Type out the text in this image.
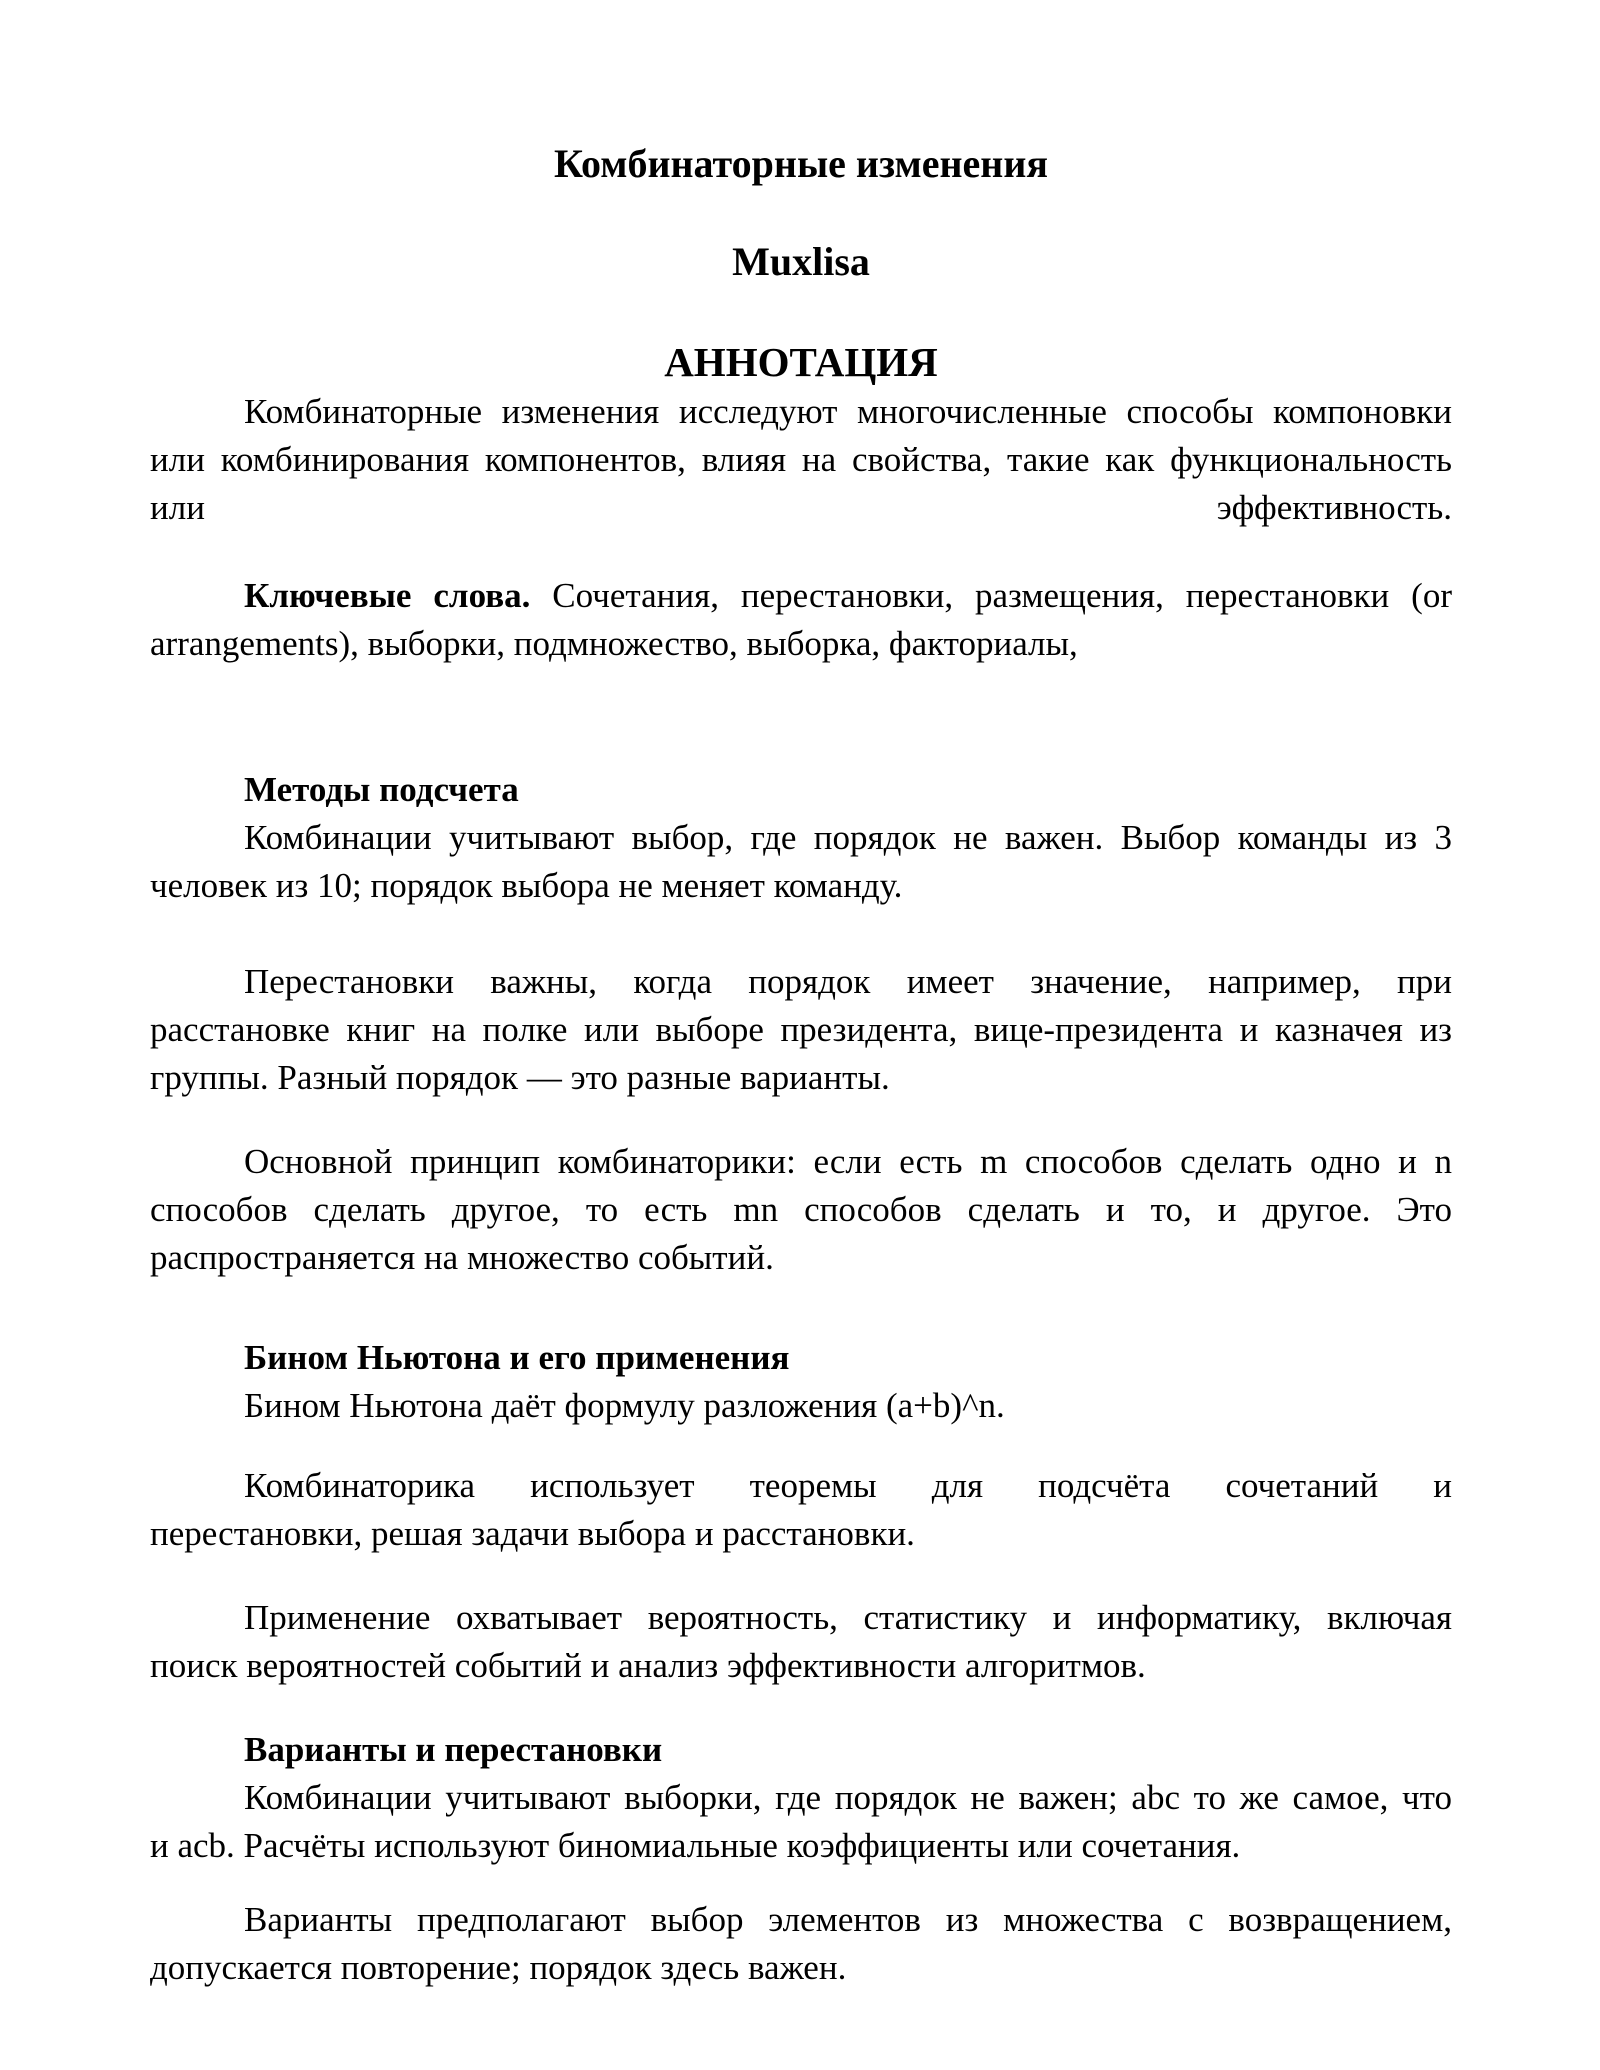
Комбинаторные изменения
Muxlisa
АННОТАЦИЯ
Комбинаторные изменения исследуют многочисленные способы компоновки
или комбинирования компонентов, влияя на свойства, такие как функциональность
или	эффективность.
Ключевые слова. Сочетания, перестановки, размещения, перестановки (or
arrangements), выборки, подмножество, выборка, факториалы,
Методы подсчета
Комбинации учитывают выбор, где порядок не важен. Выбор команды из 3
человек из 10; порядок выбора не меняет команду.
Перестановки важны, когда порядок имеет значение, например, при
расстановке книг на полке или выборе президента, вице-президента и казначея из
группы. Разный порядок — это разные варианты.
Основной принцип комбинаторики: если есть m способов сделать одно и n
способов сделать другое, то есть mn способов сделать и то, и другое. Это
распространяется на множество событий.
Бином Ньютона и его применения
Бином Ньютона даёт формулу разложения (a+b)^n.
Комбинаторика использует теоремы для подсчёта сочетаний и
перестановки, решая задачи выбора и расстановки.
Применение охватывает вероятность, статистику и информатику, включая
поиск вероятностей событий и анализ эффективности алгоритмов.
Варианты и перестановки
Комбинации учитывают выборки, где порядок не важен; abc то же самое, что
и acb. Расчёты используют биномиальные коэффициенты или сочетания.
Варианты предполагают выбор элементов из множества с возвращением,
допускается повторение; порядок здесь важен.
